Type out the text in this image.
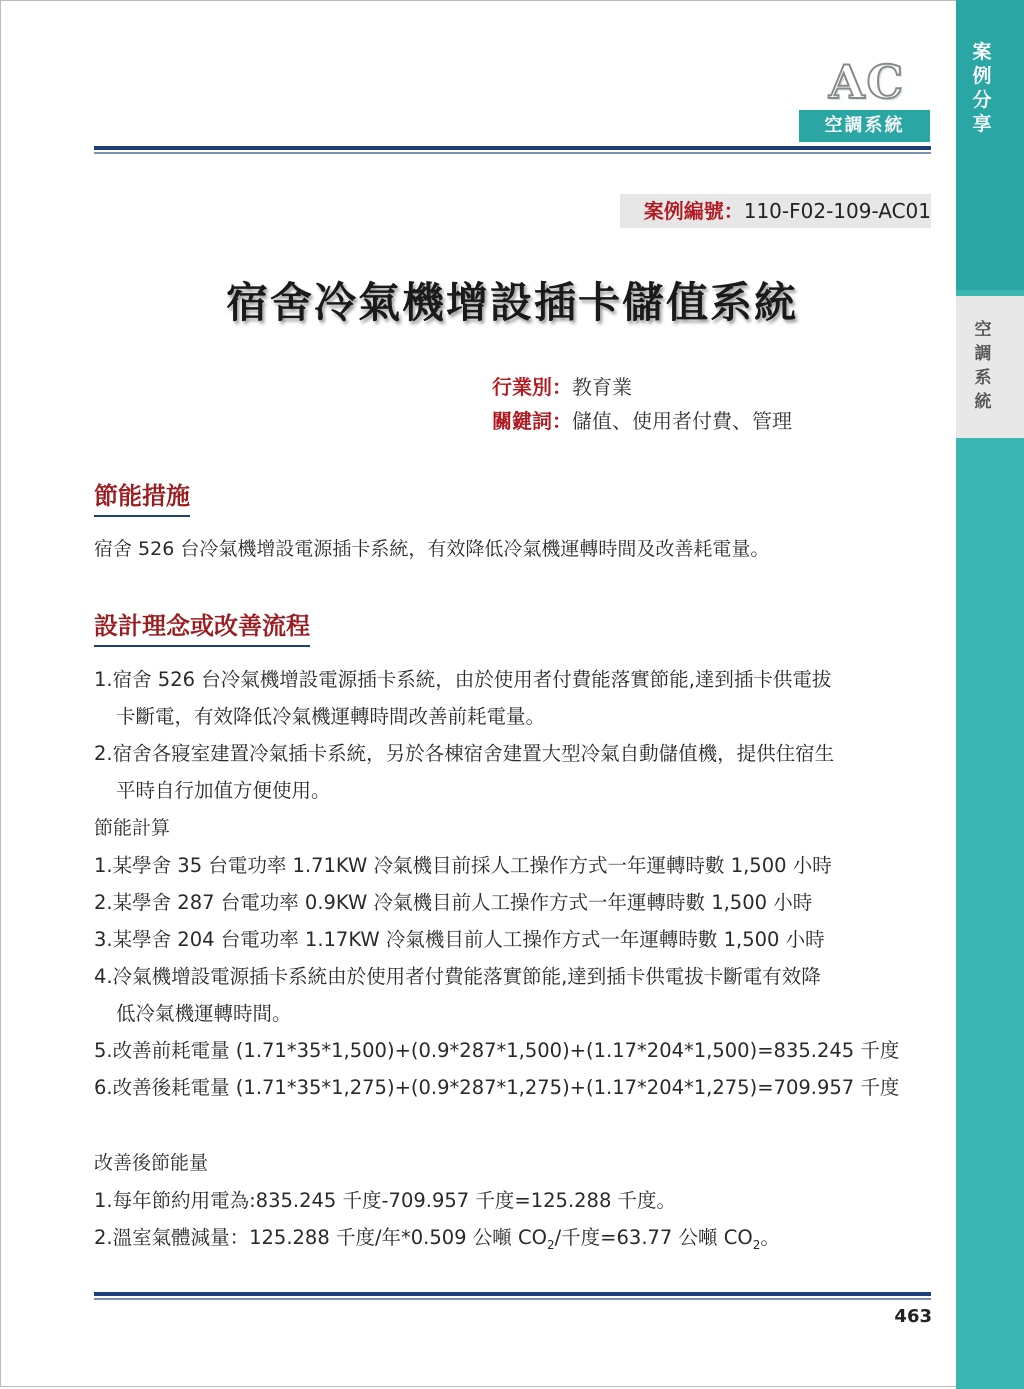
案例分享
空調系統
AC
空調系統
案例編號：110-F02-109-AC01
宿舍冷氣機增設插卡儲值系統
行業別：教育業
關鍵詞：儲值、使用者付費、管理
節能措施
宿舍 526 台冷氣機增設電源插卡系統，有效降低冷氣機運轉時間及改善耗電量。
設計理念或改善流程
1.宿舍 526 台冷氣機增設電源插卡系統，由於使用者付費能落實節能,達到插卡供電拔
卡斷電，有效降低冷氣機運轉時間改善前耗電量。
2.宿舍各寢室建置冷氣插卡系統，另於各棟宿舍建置大型冷氣自動儲值機，提供住宿生
平時自行加值方便使用。
節能計算
1.某學舍 35 台電功率 1.71KW 冷氣機目前採人工操作方式一年運轉時數 1,500 小時
2.某學舍 287 台電功率 0.9KW 冷氣機目前人工操作方式一年運轉時數 1,500 小時
3.某學舍 204 台電功率 1.17KW 冷氣機目前人工操作方式一年運轉時數 1,500 小時
4.冷氣機增設電源插卡系統由於使用者付費能落實節能,達到插卡供電拔卡斷電有效降
低冷氣機運轉時間。
5.改善前耗電量 (1.71*35*1,500)+(0.9*287*1,500)+(1.17*204*1,500)=835.245 千度
6.改善後耗電量 (1.71*35*1,275)+(0.9*287*1,275)+(1.17*204*1,275)=709.957 千度
改善後節能量
1.每年節約用電為:835.245 千度-709.957 千度=125.288 千度。
2.溫室氣體減量：125.288 千度/年*0.509 公噸 $CO_2/$千度=63.77 公噸 $CO_2$。
463
